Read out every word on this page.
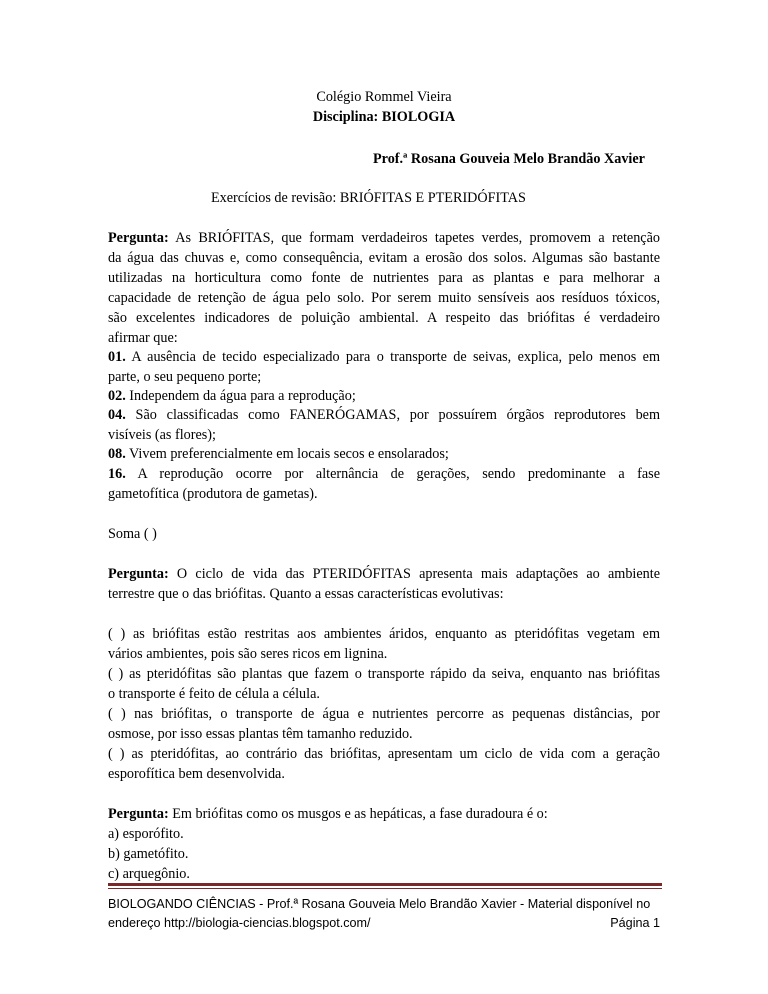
Colégio Rommel Vieira
Disciplina: BIOLOGIA
Prof.ª Rosana Gouveia Melo Brandão Xavier
Exercícios de revisão: BRIÓFITAS E PTERIDÓFITAS
Pergunta: As BRIÓFITAS, que formam verdadeiros tapetes verdes, promovem a retenção
da água das chuvas e, como consequência, evitam a erosão dos solos. Algumas são bastante
utilizadas na horticultura como fonte de nutrientes para as plantas e para melhorar a
capacidade de retenção de água pelo solo. Por serem muito sensíveis aos resíduos tóxicos,
são excelentes indicadores de poluição ambiental. A respeito das briófitas é verdadeiro
afirmar que:
01. A ausência de tecido especializado para o transporte de seivas, explica, pelo menos em
parte, o seu pequeno porte;
02. Independem da água para a reprodução;
04. São classificadas como FANERÓGAMAS, por possuírem órgãos reprodutores bem
visíveis (as flores);
08. Vivem preferencialmente em locais secos e ensolarados;
16. A reprodução ocorre por alternância de gerações, sendo predominante a fase
gametofítica (produtora de gametas).
Soma ( )
Pergunta: O ciclo de vida das PTERIDÓFITAS apresenta mais adaptações ao ambiente
terrestre que o das briófitas. Quanto a essas características evolutivas:
( ) as briófitas estão restritas aos ambientes áridos, enquanto as pteridófitas vegetam em
vários ambientes, pois são seres ricos em lignina.
( ) as pteridófitas são plantas que fazem o transporte rápido da seiva, enquanto nas briófitas
o transporte é feito de célula a célula.
( ) nas briófitas, o transporte de água e nutrientes percorre as pequenas distâncias, por
osmose, por isso essas plantas têm tamanho reduzido.
( ) as pteridófitas, ao contrário das briófitas, apresentam um ciclo de vida com a geração
esporofítica bem desenvolvida.
Pergunta: Em briófitas como os musgos e as hepáticas, a fase duradoura é o:
a) esporófito.
b) gametófito.
c) arquegônio.
BIOLOGANDO CIÊNCIAS - Prof.ª Rosana Gouveia Melo Brandão Xavier - Material disponível no
endereço http://biologia-ciencias.blogspot.com/	Página 1
